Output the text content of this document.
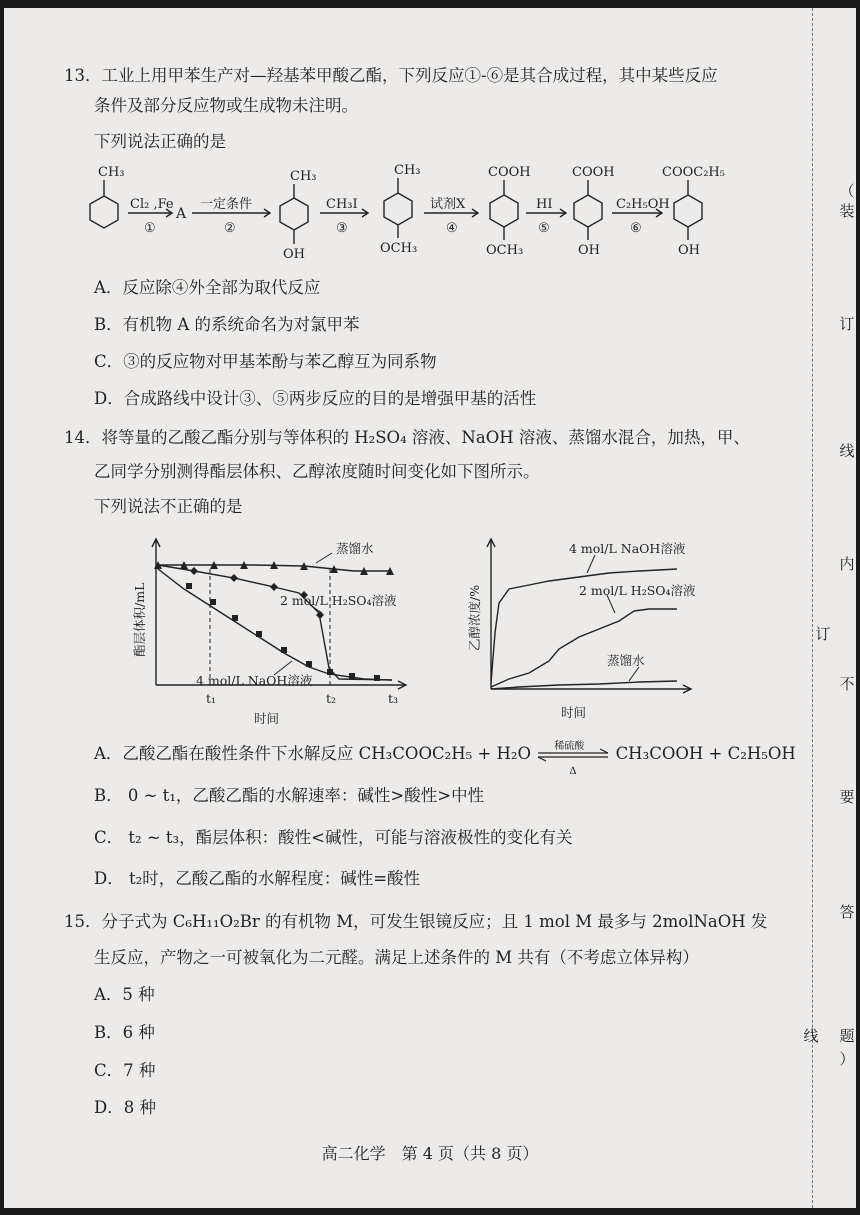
13．工业上用甲苯生产对—羟基苯甲酸乙酯，下列反应①-⑥是其合成过程，其中某些反应
条件及部分反应物或生成物未注明。
下列说法正确的是
CH₃
Cl₂ ,Fe
①
A
一定条件
②
CH₃
OH
CH₃I
③
CH₃
OCH₃
试剂X
④
COOH
OCH₃
HI
⑤
COOH
OH
C₂H₅OH
⑥
COOC₂H₅
OH
A．反应除④外全部为取代反应
B．有机物 A 的系统命名为对氯甲苯
C．③的反应物对甲基苯酚与苯乙醇互为同系物
D．合成路线中设计③、⑤两步反应的目的是增强甲基的活性
14．将等量的乙酸乙酯分别与等体积的 H₂SO₄ 溶液、NaOH 溶液、蒸馏水混合，加热，甲、
乙同学分别测得酯层体积、乙醇浓度随时间变化如下图所示。
下列说法不正确的是
蒸馏水
2 mol/L H₂SO₄溶液
4 mol/L NaOH溶液
t₁	t₂	t₃
时间
酯层体积/mL
4 mol/L NaOH溶液
2 mol/L H₂SO₄溶液
蒸馏水
时间
乙醇浓度/%
A．乙酸乙酯在酸性条件下水解反应 CH₃COOC₂H₅ + H₂O 稀硫酸
Δ
CH₃COOH + C₂H₅OH
B． 0 ~ t₁，乙酸乙酯的水解速率：碱性>酸性>中性
C． t₂ ~ t₃，酯层体积：酸性<碱性，可能与溶液极性的变化有关
D． t₂时，乙酸乙酯的水解程度：碱性=酸性
15．分子式为 C₆H₁₁O₂Br 的有机物 M，可发生银镜反应；且 1 mol M 最多与 2molNaOH 发
生反应，产物之一可被氧化为二元醛。满足上述条件的 M 共有（不考虑立体异构）
A．5 种
B．6 种
C．7 种
D．8 种
（
装
订
线
内
订
不
要
答
线 题
）
高二化学　第 4 页（共 8 页）
